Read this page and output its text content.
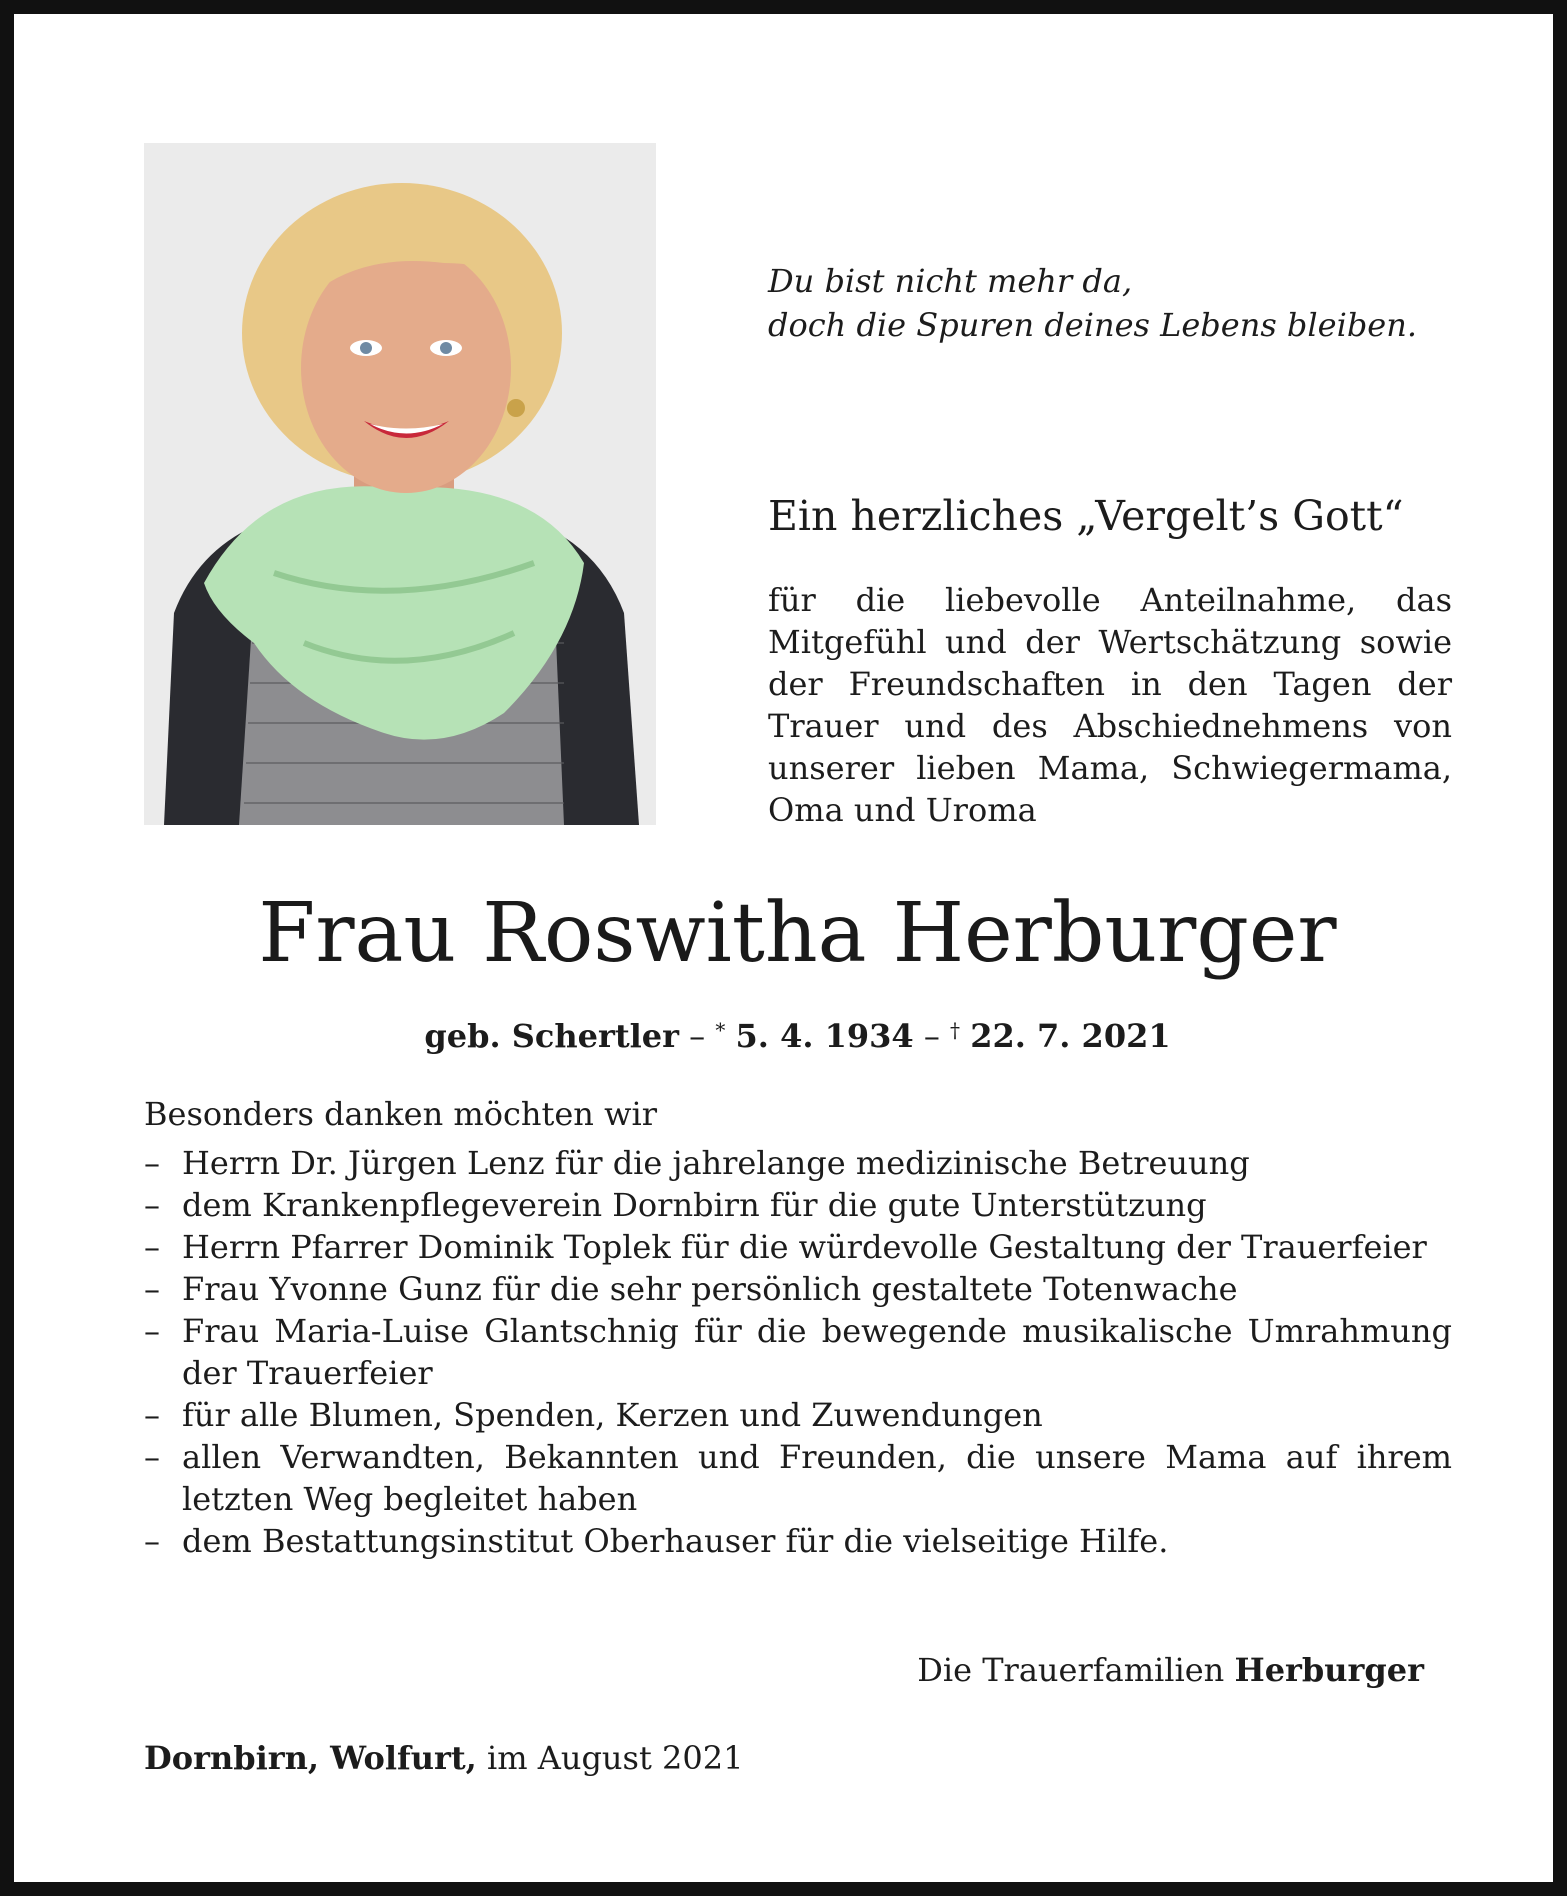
Du bist nicht mehr da,
doch die Spuren deines Lebens bleiben.
Ein herzliches „Vergelt’s Gott“
für die liebevolle Anteilnahme, das Mitgefühl und der Wertschätzung sowie der Freundschaften in den Tagen der Trauer und des Abschiednehmens von unserer lieben Mama, Schwiegermama, Oma und Uroma
Frau Roswitha Herburger
geb. Schertler – * 5. 4. 1934 – † 22. 7. 2021
Besonders danken möchten wir
– Herrn Dr. Jürgen Lenz für die jahrelange medizinische Betreuung
– dem Krankenpflegeverein Dornbirn für die gute Unterstützung
– Herrn Pfarrer Dominik Toplek für die würdevolle Gestaltung der Trauerfeier
– Frau Yvonne Gunz für die sehr persönlich gestaltete Totenwache
– Frau Maria-Luise Glantschnig für die bewegende musikalische Umrahmung der Trauerfeier
– für alle Blumen, Spenden, Kerzen und Zuwendungen
– allen Verwandten, Bekannten und Freunden, die unsere Mama auf ihrem letzten Weg begleitet haben
– dem Bestattungsinstitut Oberhauser für die vielseitige Hilfe.
Die Trauerfamilien Herburger
Dornbirn, Wolfurt, im August 2021
